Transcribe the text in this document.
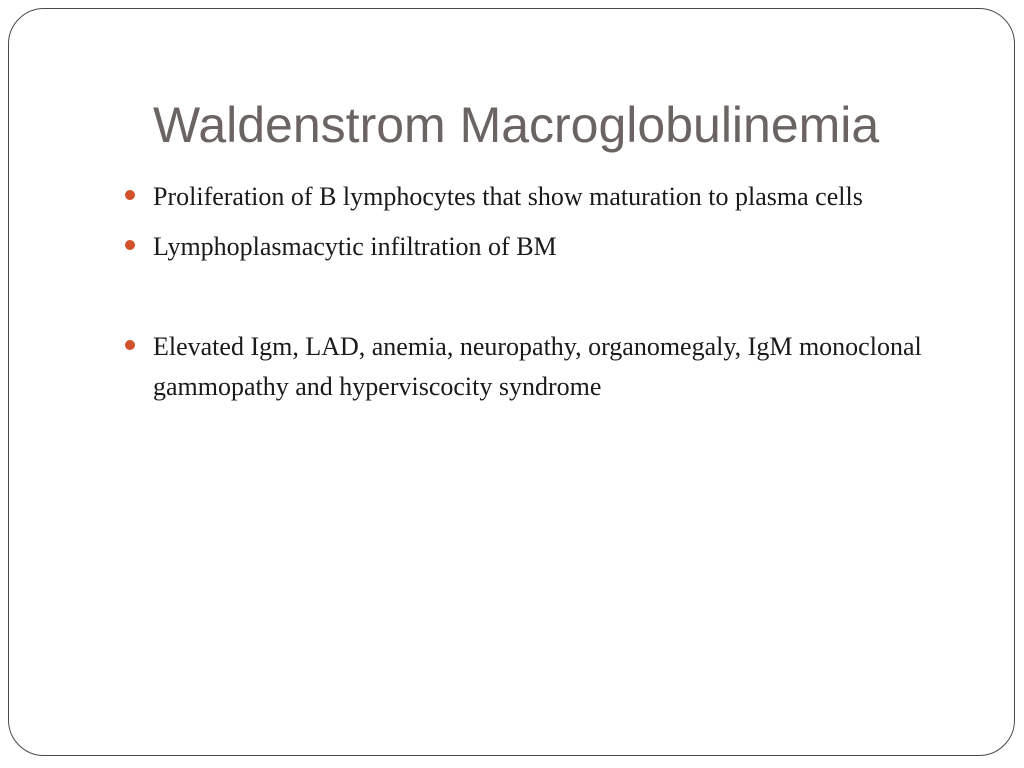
Waldenstrom Macroglobulinemia
Proliferation of B lymphocytes that show maturation to plasma cells
Lymphoplasmacytic infiltration of BM
Elevated Igm, LAD, anemia, neuropathy, organomegaly, IgM monoclonal gammopathy and hyperviscocity syndrome
